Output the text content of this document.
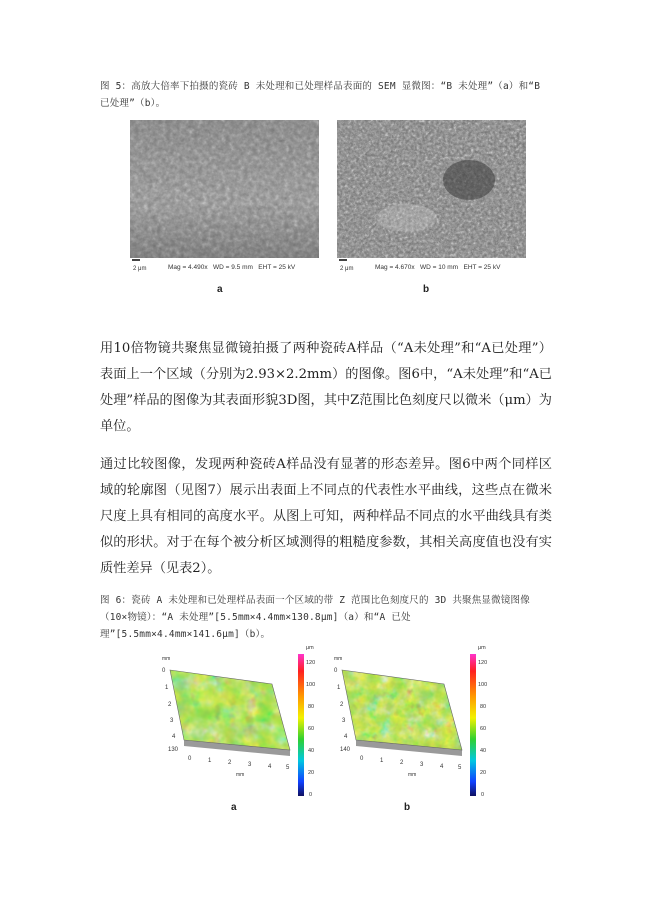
图 5：高放大倍率下拍摄的瓷砖 B 未处理和已处理样品表面的 SEM 显微图：“B 未处理”（a）和“B 已处理”（b）。
2 μm	Mag = 4.490x   WD = 9.5 mm   EHT = 25 kV	2 μm	Mag = 4.670x   WD = 10 mm   EHT = 25 kV
a	b
用10倍物镜共聚焦显微镜拍摄了两种瓷砖A样品（“A未处理”和“A已处理”）表面上一个区域（分别为2.93×2.2mm）的图像。图6中，“A未处理”和“A已处理”样品的图像为其表面形貌3D图，其中Z范围比色刻度尺以微米（μm）为单位。
通过比较图像，发现两种瓷砖A样品没有显著的形态差异。图6中两个同样区域的轮廓图（见图7）展示出表面上不同点的代表性水平曲线，这些点在微米尺度上具有相同的高度水平。从图上可知，两种样品不同点的水平曲线具有类似的形状。对于在每个被分析区域测得的粗糙度参数，其相关高度值也没有实质性差异（见表2）。
图 6：瓷砖 A 未处理和已处理样品表面一个区域的带 Z 范围比色刻度尺的 3D 共聚焦显微镜图像（10×物镜）：“A 未处理”[5.5mm×4.4mm×130.8μm]（a）和“A 已处理”[5.5mm×4.4mm×141.6μm]（b）。
mm
0
1
2
3
4
130
0	1	2	3	4 5
mm
μm
120
100
80
60
40
20
0
mm
0
1
2
3
4
140
0	1	2	3	4 5
mm
μm
120
100
80
60
40
20
0
a	b
